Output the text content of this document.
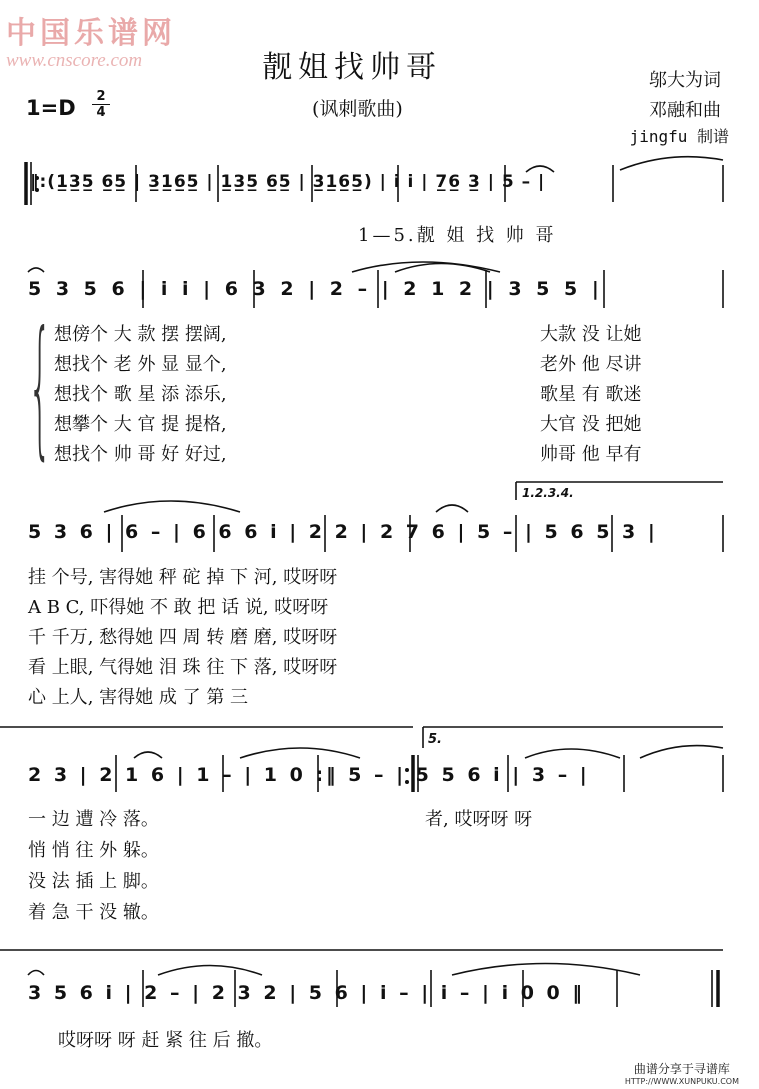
中国乐谱网
www.cnscore.com	靓姐找帅哥
(讽刺歌曲)
1=D	2
4
邬大为词
邓融和曲
jingfu 制谱
‖:(1̲3̲5̲ 6̲5̲ | 3̲1̲6̲5̲ | 1̲3̲5̲ 6̲5̲ | 3̲1̲6̲5̲) | i i | 7̲6̲ 3̲ | 5 – |
1—5.靓 姐 找 帅 哥
5 3 5 6 | i i | 6 3 2 | 2 – | 2 1 2 | 3 5 5 |
{ 想傍个 大 款 摆 摆阔,	大款 没 让她
想找个 老 外 显 显个,	老外 他 尽讲
想找个 歌 星 添 添乐,	歌星 有 歌迷
想攀个 大 官 提 提格,	大官 没 把她
想找个 帅 哥 好 好过,	帅哥 他 早有
1.2.3.4.
5 3 6 | 6 – | 6 6 6 i | 2 2 | 2 7 6 | 5 – | 5 6 5 3 |
挂 个号, 害得她 秤 砣 掉 下 河, 哎呀呀
A B C, 吓得她 不 敢 把 话 说, 哎呀呀
千 千万, 愁得她 四 周 转 磨 磨, 哎呀呀
看 上眼, 气得她 泪 珠 往 下 落, 哎呀呀
心 上人, 害得她 成 了 第 三
5.
2 3 | 2 1 6 | 1 – | 1 0 :‖ 5 – | 5 5 6 i | 3 – |
一 边 遭 冷 落。	者, 哎呀呀 呀
悄 悄 往 外 躲。
没 法 插 上 脚。
着 急 干 没 辙。
3 5 6 i | 2 – | 2 3 2 | 5 6 | i – | i – | i 0 0 ‖
哎呀呀 呀 赶 紧 往 后 撤。
曲谱分享于寻谱库
HTTP://WWW.XUNPUKU.COM
